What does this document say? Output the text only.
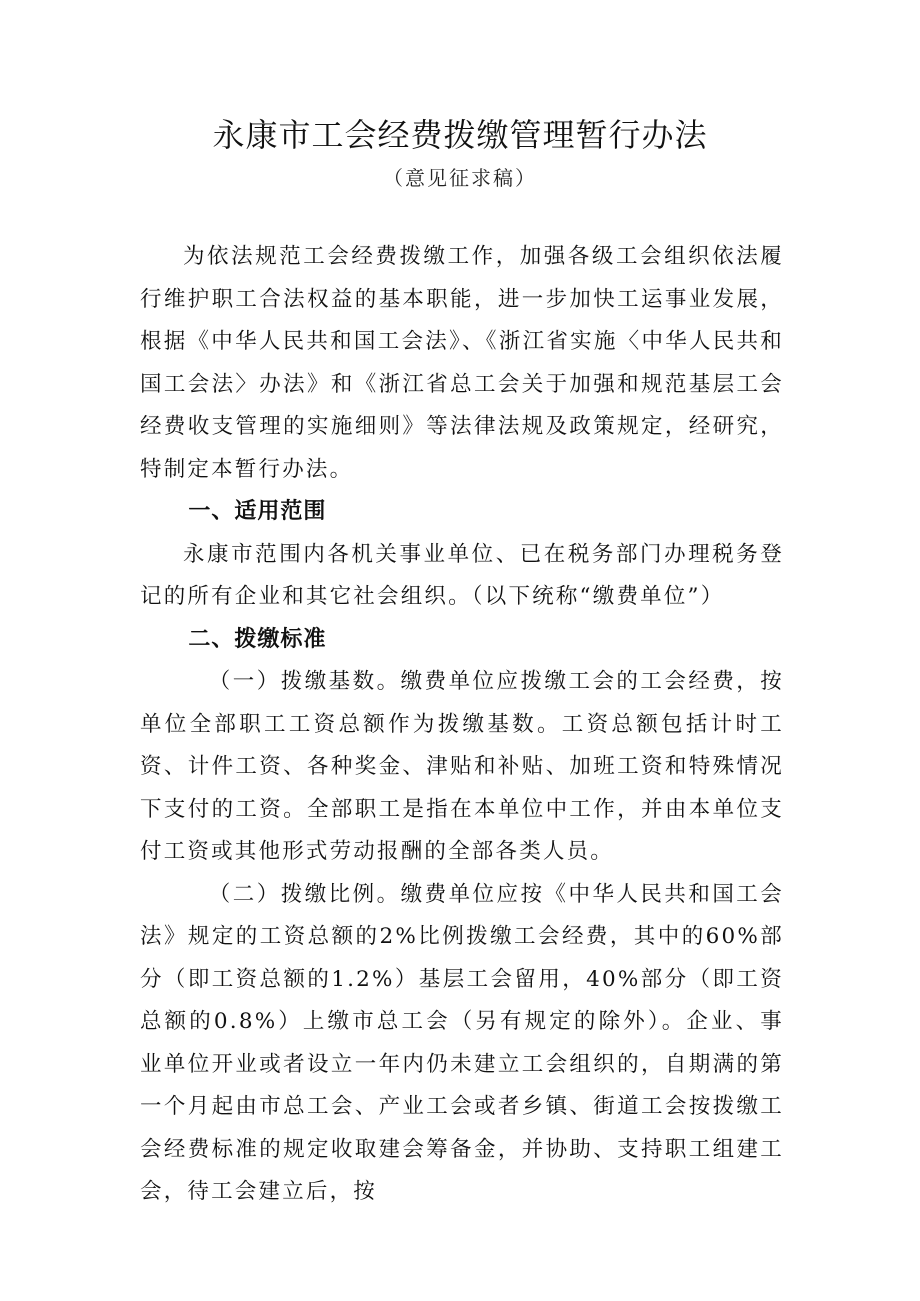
永康市工会经费拨缴管理暂行办法
（意见征求稿）

为依法规范工会经费拨缴工作，加强各级工会组织依法履行维护职工合法权益的基本职能，进一步加快工运事业发展，根据《中华人民共和国工会法》、《浙江省实施〈中华人民共和国工会法〉办法》和《浙江省总工会关于加强和规范基层工会经费收支管理的实施细则》等法律法规及政策规定，经研究，特制定本暂行办法。

一、适用范围

永康市范围内各机关事业单位、已在税务部门办理税务登记的所有企业和其它社会组织。（以下统称“缴费单位”）

二、拨缴标准

（一）拨缴基数。缴费单位应拨缴工会的工会经费，按单位全部职工工资总额作为拨缴基数。工资总额包括计时工资、计件工资、各种奖金、津贴和补贴、加班工资和特殊情况下支付的工资。全部职工是指在本单位中工作，并由本单位支付工资或其他形式劳动报酬的全部各类人员。

（二）拨缴比例。缴费单位应按《中华人民共和国工会法》规定的工资总额的2%比例拨缴工会经费，其中的60%部分（即工资总额的1.2%）基层工会留用，40%部分（即工资总额的0.8%）上缴市总工会（另有规定的除外）。企业、事业单位开业或者设立一年内仍未建立工会组织的，自期满的第一个月起由市总工会、产业工会或者乡镇、街道工会按拨缴工会经费标准的规定收取建会筹备金，并协助、支持职工组建工会，待工会建立后，按
